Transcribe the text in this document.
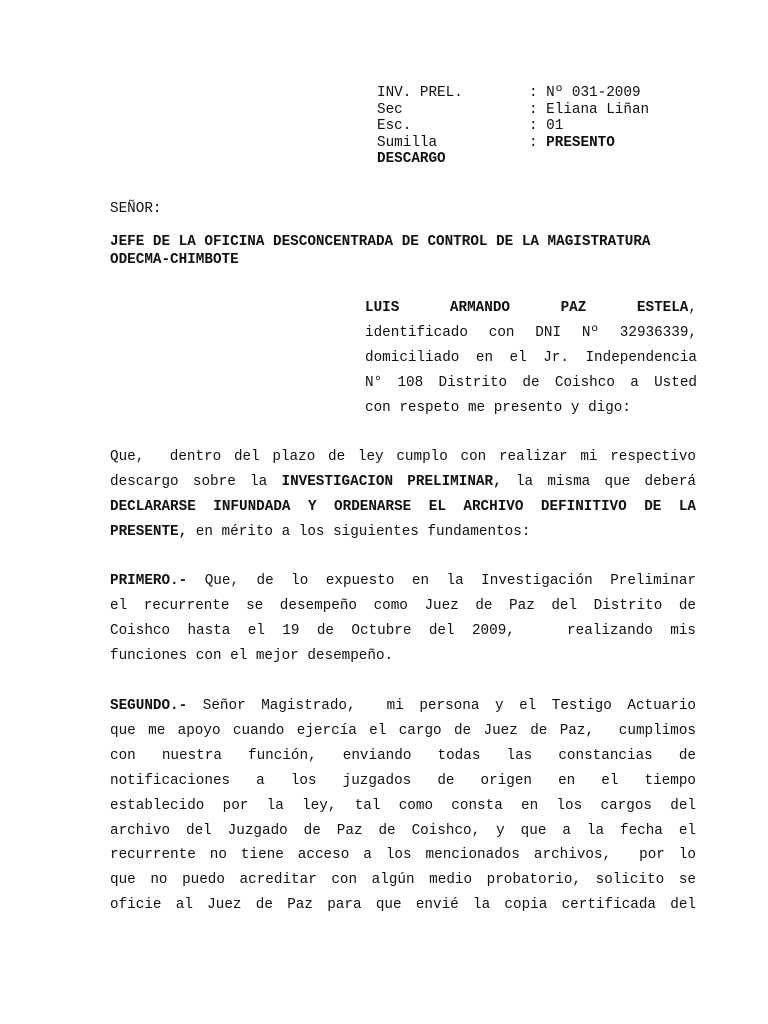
INV. PREL.	: Nº 031-2009
Sec	: Eliana Liñan
Esc.	: 01
Sumilla	: PRESENTO
DESCARGO
SEÑOR:
JEFE DE LA OFICINA DESCONCENTRADA DE CONTROL DE LA MAGISTRATURA
ODECMA-CHIMBOTE
LUIS ARMANDO PAZ ESTELA,
identificado con DNI Nº 32936339,
domiciliado en el Jr. Independencia
N° 108 Distrito de Coishco a Usted
con respeto me presento y digo:
Que,  dentro del plazo de ley cumplo con realizar mi respectivo
descargo sobre la INVESTIGACION PRELIMINAR, la misma que deberá
DECLARARSE INFUNDADA Y ORDENARSE EL ARCHIVO DEFINITIVO DE LA
PRESENTE, en mérito a los siguientes fundamentos:
PRIMERO.- Que, de lo expuesto en la Investigación Preliminar
el recurrente se desempeño como Juez de Paz del Distrito de
Coishco hasta el 19 de Octubre del 2009,   realizando mis
funciones con el mejor desempeño.
SEGUNDO.- Señor Magistrado,  mi persona y el Testigo Actuario
que me apoyo cuando ejercía el cargo de Juez de Paz,  cumplimos
con nuestra función, enviando todas las constancias de
notificaciones a los juzgados de origen en el tiempo
establecido por la ley, tal como consta en los cargos del
archivo del Juzgado de Paz de Coishco, y que a la fecha el
recurrente no tiene acceso a los mencionados archivos,  por lo
que no puedo acreditar con algún medio probatorio, solicito se
oficie al Juez de Paz para que envié la copia certificada del
